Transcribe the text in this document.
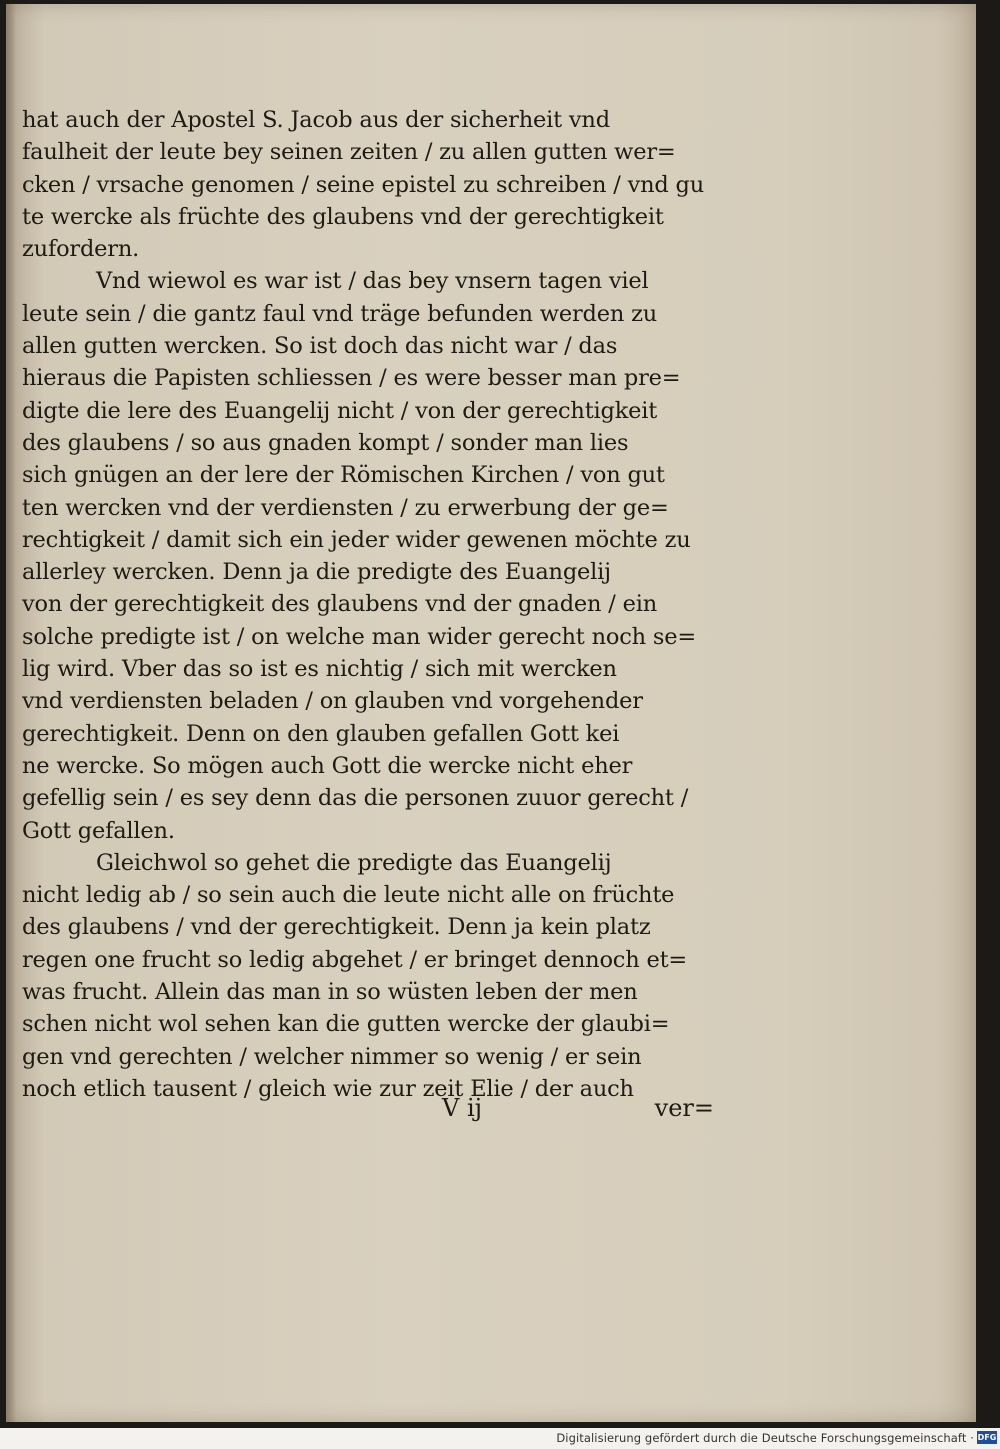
hat auch der Apostel S. Jacob aus der sicherheit vnd
faulheit der leute bey seinen zeiten / zu allen gutten wer=
cken / vrsache genomen / seine epistel zu schreiben / vnd gu
te wercke als früchte des glaubens vnd der gerechtigkeit
zufordern.
Vnd wiewol es war ist / das bey vnsern tagen viel
leute sein / die gantz faul vnd träge befunden werden zu
allen gutten wercken. So ist doch das nicht war / das
hieraus die Papisten schliessen / es were besser man pre=
digte die lere des Euangelij nicht / von der gerechtigkeit
des glaubens / so aus gnaden kompt / sonder man lies
sich gnügen an der lere der Römischen Kirchen / von gut
ten wercken vnd der verdiensten / zu erwerbung der ge=
rechtigkeit / damit sich ein jeder wider gewenen möchte zu
allerley wercken. Denn ja die predigte des Euangelij
von der gerechtigkeit des glaubens vnd der gnaden / ein
solche predigte ist / on welche man wider gerecht noch se=
lig wird. Vber das so ist es nichtig / sich mit wercken
vnd verdiensten beladen / on glauben vnd vorgehender
gerechtigkeit. Denn on den glauben gefallen Gott kei
ne wercke. So mögen auch Gott die wercke nicht eher
gefellig sein / es sey denn das die personen zuuor gerecht /
Gott gefallen.
Gleichwol so gehet die predigte das Euangelij
nicht ledig ab / so sein auch die leute nicht alle on früchte
des glaubens / vnd der gerechtigkeit. Denn ja kein platz
regen one frucht so ledig abgehet / er bringet dennoch et=
was frucht. Allein das man in so wüsten leben der men
schen nicht wol sehen kan die gutten wercke der glaubi=
gen vnd gerechten / welcher nimmer so wenig / er sein
noch etlich tausent / gleich wie zur zeit Elie / der auch
V ij	ver=
Digitalisierung gefördert durch die Deutsche Forschungsgemeinschaft · DFG
